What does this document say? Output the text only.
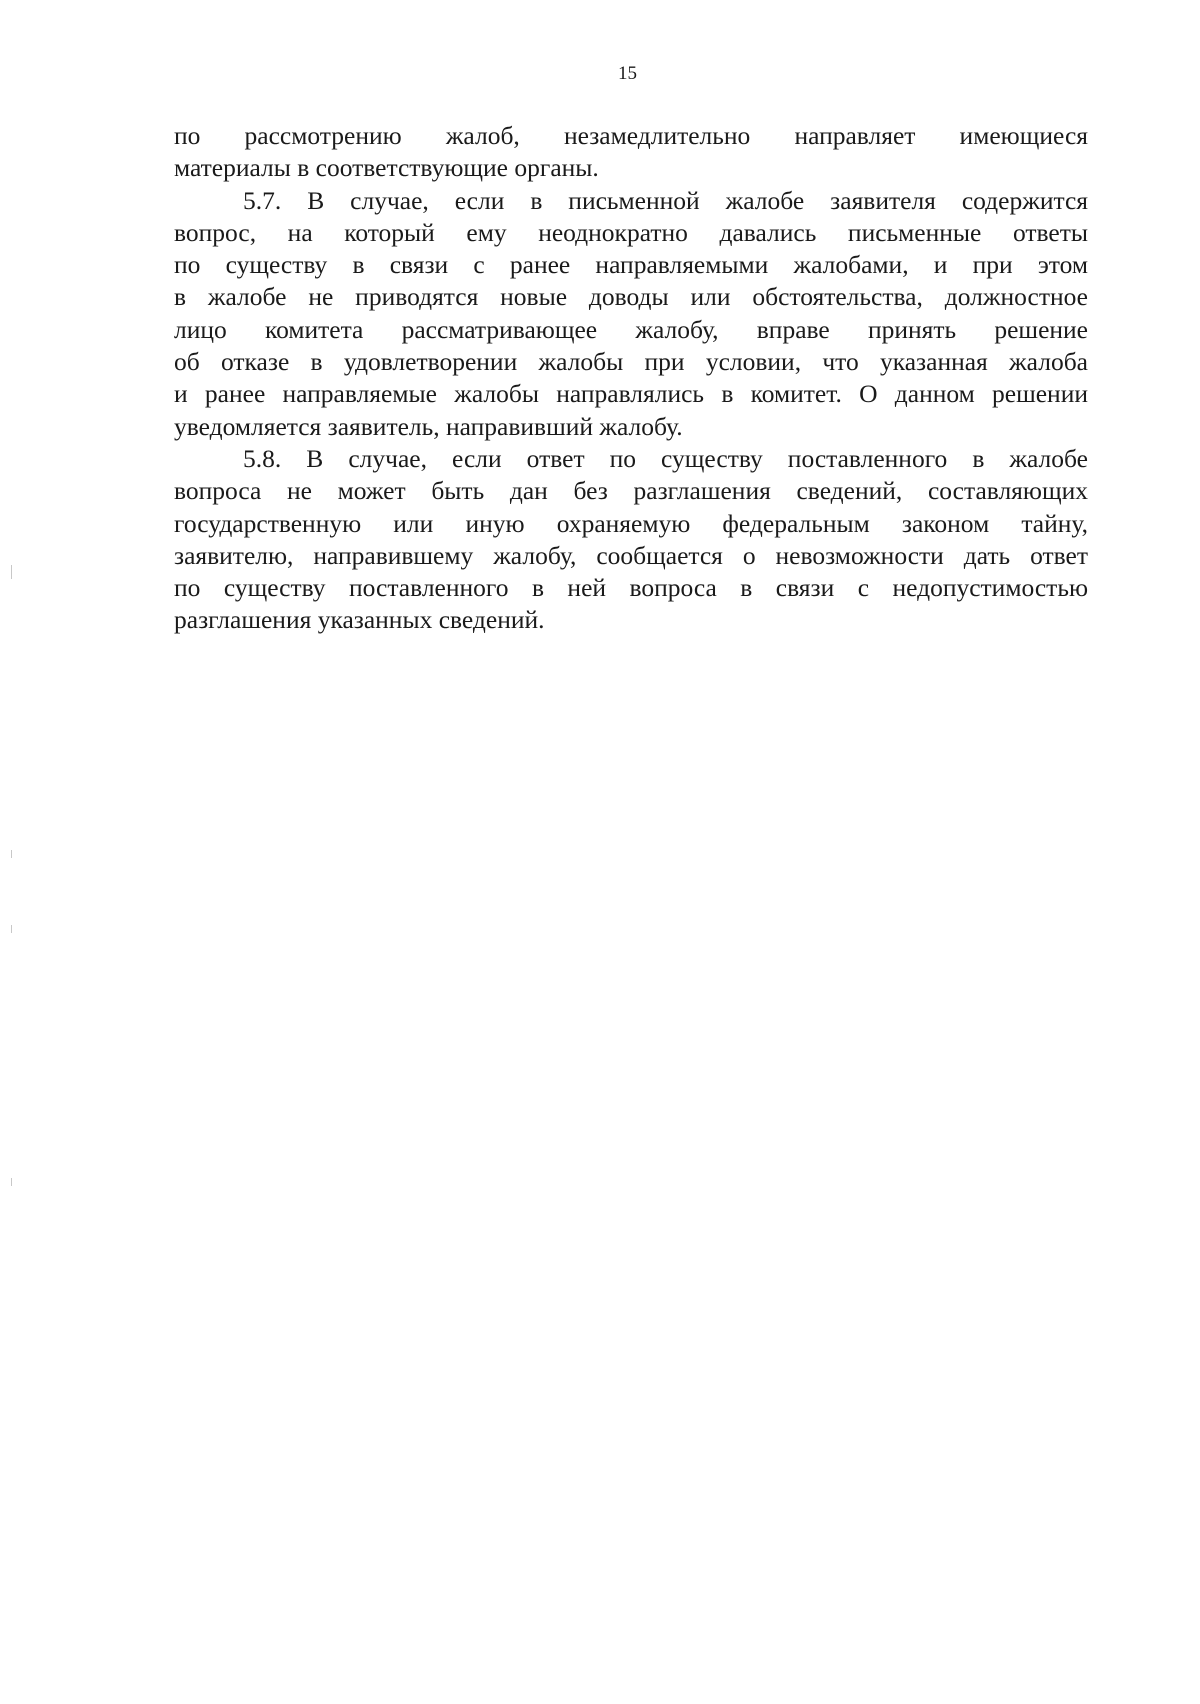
15
по рассмотрению жалоб, незамедлительно направляет имеющиеся
материалы в соответствующие органы.
5.7. В случае, если в письменной жалобе заявителя содержится
вопрос, на который ему неоднократно давались письменные ответы
по существу в связи с ранее направляемыми жалобами, и при этом
в жалобе не приводятся новые доводы или обстоятельства, должностное
лицо комитета рассматривающее жалобу, вправе принять решение
об отказе в удовлетворении жалобы при условии, что указанная жалоба
и ранее направляемые жалобы направлялись в комитет. О данном решении
уведомляется заявитель, направивший жалобу.
5.8. В случае, если ответ по существу поставленного в жалобе
вопроса не может быть дан без разглашения сведений, составляющих
государственную или иную охраняемую федеральным законом тайну,
заявителю, направившему жалобу, сообщается о невозможности дать ответ
по существу поставленного в ней вопроса в связи с недопустимостью
разглашения указанных сведений.
